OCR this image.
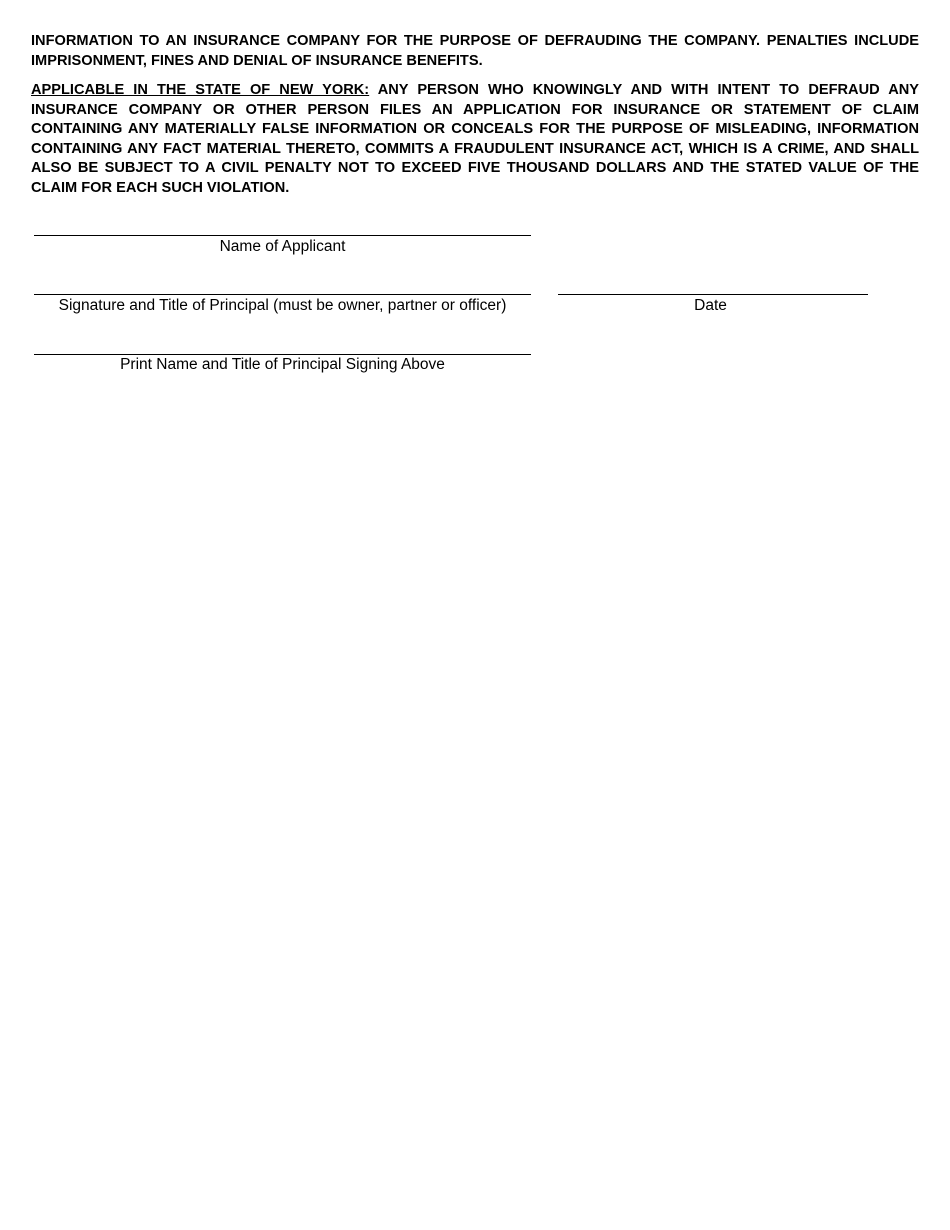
INFORMATION TO AN INSURANCE COMPANY FOR THE PURPOSE OF DEFRAUDING THE COMPANY. PENALTIES INCLUDE IMPRISONMENT, FINES AND DENIAL OF INSURANCE BENEFITS.

APPLICABLE IN THE STATE OF NEW YORK: ANY PERSON WHO KNOWINGLY AND WITH INTENT TO DEFRAUD ANY INSURANCE COMPANY OR OTHER PERSON FILES AN APPLICATION FOR INSURANCE OR STATEMENT OF CLAIM CONTAINING ANY MATERIALLY FALSE INFORMATION OR CONCEALS FOR THE PURPOSE OF MISLEADING, INFORMATION CONTAINING ANY FACT MATERIAL THERETO, COMMITS A FRAUDULENT INSURANCE ACT, WHICH IS A CRIME, AND SHALL ALSO BE SUBJECT TO A CIVIL PENALTY NOT TO EXCEED FIVE THOUSAND DOLLARS AND THE STATED VALUE OF THE CLAIM FOR EACH SUCH VIOLATION.

Name of Applicant
Signature and Title of Principal (must be owner, partner or officer)	Date
Print Name and Title of Principal Signing Above
